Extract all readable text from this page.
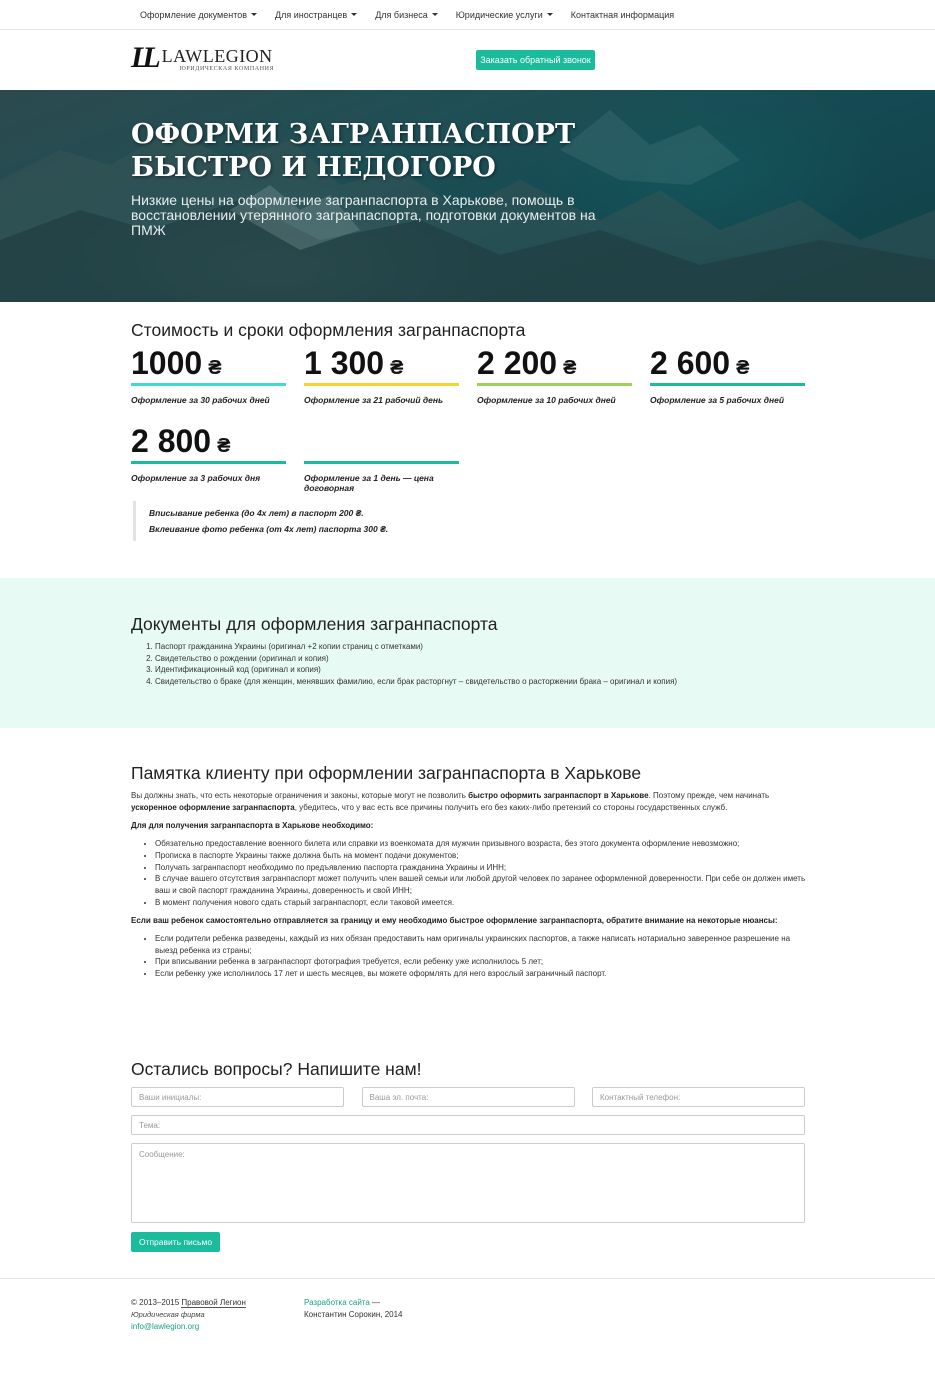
Оформление документов	Для иностранцев	Для бизнеса	Юридические услуги	Контактная информация
LL LAWLEGION
ЮРИДИЧЕСКАЯ КОМПАНИЯ
Заказать обратный звонок
ОФОРМИ ЗАГРАНПАСПОРТ
БЫСТРО И НЕДОГОРО

Низкие цены на оформление загранпаспорта в Харькове, помощь в восстановлении утерянного загранпаспорта, подготовки документов на ПМЖ

Стоимость и сроки оформления загранпаспорта
1000 ₴
Оформление за 30 рабочих дней
1 300 ₴
Оформление за 21 рабочий день
2 200 ₴
Оформление за 10 рабочих дней
2 600 ₴
Оформление за 5 рабочих дней
2 800 ₴
Оформление за 3 рабочих дня	Оформление за 1 день — цена договорная
Вписывание ребенка (до 4х лет) в паспорт 200 ₴.
Вклеивание фото ребенка (от 4х лет) паспорта 300 ₴.
Документы для оформления загранпаспорта
1. Паспорт гражданина Украины (оригинал +2 копии страниц с отметками)
2. Свидетельство о рождении (оригинал и копия)
3. Идентификационный код (оригинал и копия)
4. Свидетельство о браке (для женщин, менявших фамилию, если брак расторгнут – свидетельство о расторжении брака – оригинал и копия)
Памятка клиенту при оформлении загранпаспорта в Харькове

Вы должны знать, что есть некоторые ограничения и законы, которые могут не позволить быстро оформить загранпаспорт в Харькове. Поэтому прежде, чем начинать ускоренное оформление загранпаспорта, убедитесь, что у вас есть все причины получить его без каких-либо претензий со стороны государственных служб.

Для для получения загранпаспорта в Харькове необходимо:
• Обязательно предоставление военного билета или справки из военкомата для мужчин призывного возраста, без этого документа оформление невозможно;
• Прописка в паспорте Украины также должна быть на момент подачи документов;
• Получать загранпаспорт необходимо по предъявлению паспорта гражданина Украины и ИНН;
• В случае вашего отсутствия загранпаспорт может получить член вашей семьи или любой другой человек по заранее оформленной доверенности. При себе он должен иметь ваш и свой паспорт гражданина Украины, доверенность и свой ИНН;
• В момент получения нового сдать старый загранпаспорт, если таковой имеется.
Если ваш ребенок самостоятельно отправляется за границу и ему необходимо быстрое оформление загранпаспорта, обратите внимание на некоторые нюансы:
• Если родители ребенка разведены, каждый из них обязан предоставить нам оригиналы украинских паспортов, а также написать нотариально заверенное разрешение на выезд ребенка из страны;
• При вписывании ребенка в загранпаспорт фотография требуется, если ребенку уже исполнилось 5 лет;
• Если ребенку уже исполнилось 17 лет и шесть месяцев, вы можете оформлять для него взрослый заграничный паспорт.
Остались вопросы? Напишите нам!
Ваши инициалы:	Ваша эл. почта:	Контактный телефон:
Тема:
Сообщение:
Отправить письмо
© 2013–2015 Правовой Легион
Юридическая фирма
info@lawlegion.org
Разработка сайта —
Константин Сорокин, 2014
